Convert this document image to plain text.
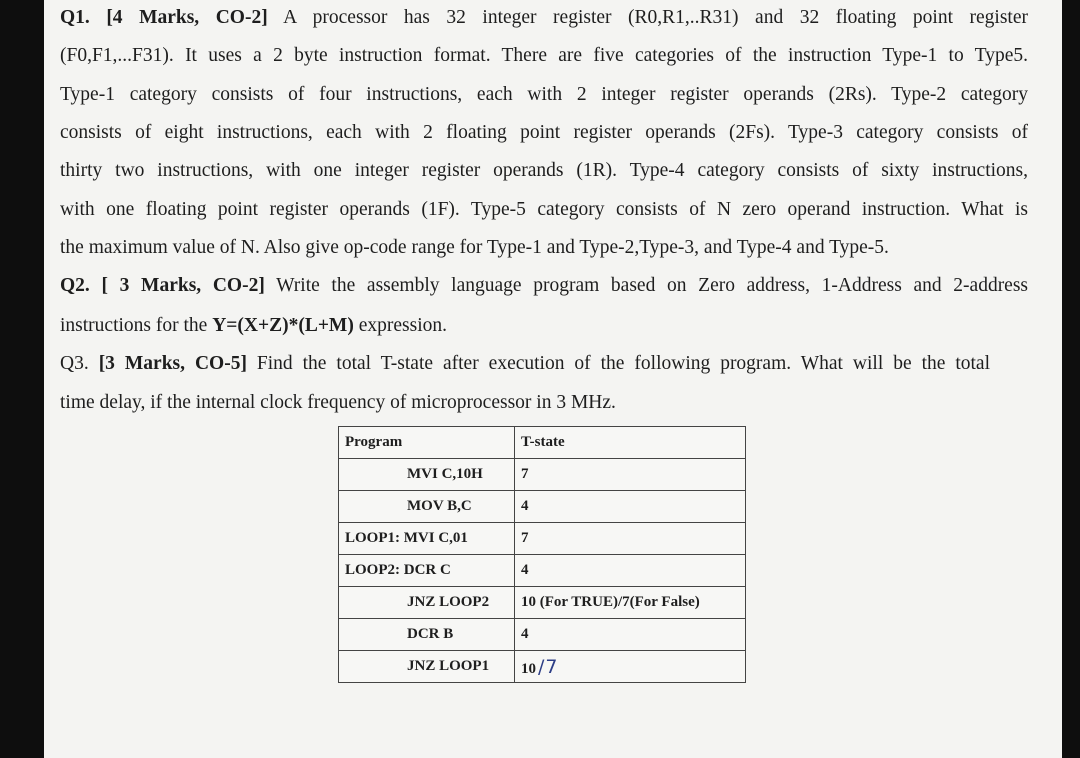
Q1. [4 Marks, CO-2] A processor has 32 integer register (R0,R1,..R31) and 32 floating point register
(F0,F1,...F31). It uses a 2 byte instruction format. There are five categories of the instruction Type-1 to Type5.
Type-1 category consists of four instructions, each with 2 integer register operands (2Rs). Type-2 category
consists of eight instructions, each with 2 floating point register operands (2Fs). Type-3 category consists of
thirty two instructions, with one integer register operands (1R). Type-4 category consists of sixty instructions,
with one floating point register operands (1F). Type-5 category consists of N zero operand instruction. What is
the maximum value of N. Also give op-code range for Type-1 and Type-2,Type-3, and Type-4 and Type-5.
Q2. [ 3 Marks, CO-2] Write the assembly language program based on Zero address, 1-Address and 2-address
instructions for the Y=(X+Z)*(L+M) expression.
Q3. [3 Marks, CO-5] Find the total T-state after execution of the following program. What will be the total
time delay, if the internal clock frequency of microprocessor in 3 MHz.
Program	T-state
MVI C,10H	7
MOV B,C	4
LOOP1: MVI C,01	7
LOOP2: DCR C	4
JNZ LOOP2	10 (For TRUE)/7(For False)
DCR B	4
JNZ LOOP1	10 /7
